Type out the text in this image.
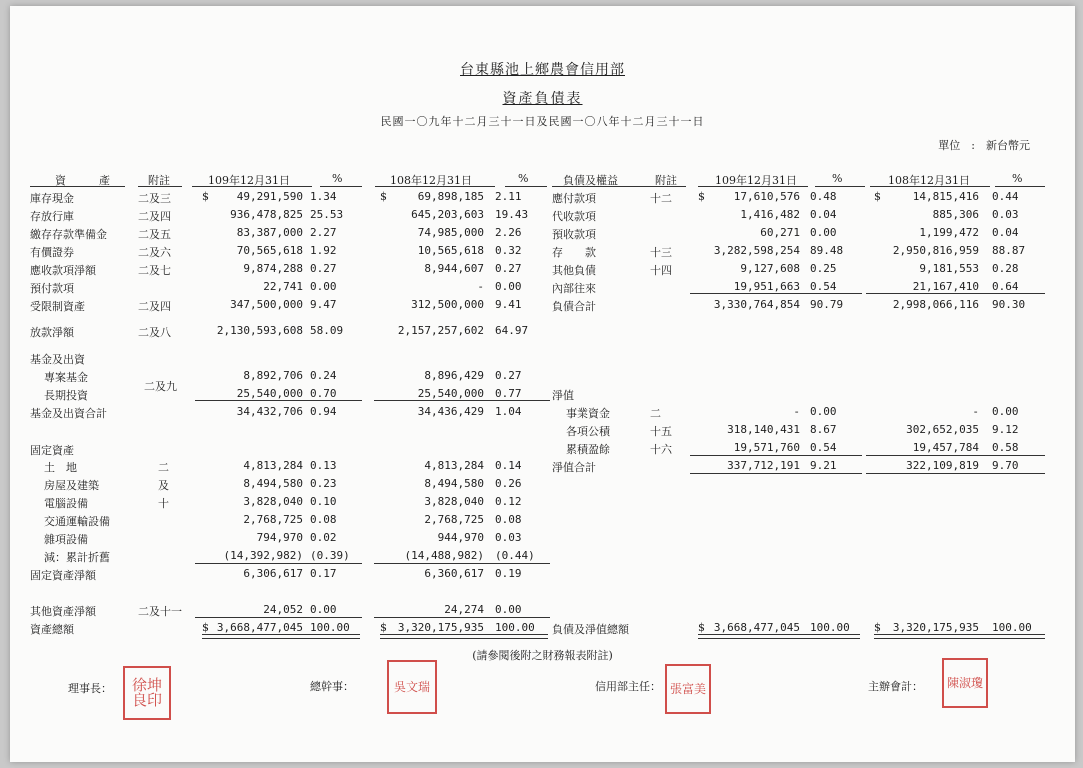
台東縣池上鄉農會信用部
資產負債表
民國一〇九年十二月三十一日及民國一〇八年十二月三十一日
單位　 :　 新台幣元
資　　　產	附註	109年12月31日	%	108年12月31日	%	負債及權益	附註	109年12月31日	%	108年12月31日	%
庫存現金	二及三	$	49,291,590 1.34	$	69,898,185 2.11
存放行庫	二及四	936,478,825 25.53	645,203,603 19.43
繳存存款準備金	二及五	83,387,000 2.27	74,985,000 2.26
有價證券	二及六	70,565,618 1.92	10,565,618 0.32
應收款項淨額	二及七	9,874,288 0.27	8,944,607 0.27
預付款項	22,741 0.00	- 0.00
受限制資產	二及四	347,500,000 9.47	312,500,000 9.41
放款淨額	二及八	2,130,593,608 58.09	2,157,257,602 64.97
基金及出資
二及九
專案基金	8,892,706 0.24	8,896,429 0.27
長期投資	25,540,000 0.70	25,540,000 0.77
基金及出資合計	34,432,706 0.94	34,436,429 1.04
固定資產
土　地	二	4,813,284 0.13	4,813,284 0.14
房屋及建築	及	8,494,580 0.23	8,494,580 0.26
電腦設備	十	3,828,040 0.10	3,828,040 0.12
交通運輸設備	2,768,725 0.08	2,768,725 0.08
雜項設備	794,970 0.02	944,970 0.03
減：累計折舊	(14,392,982) (0.39)	(14,488,982) (0.44)
固定資產淨額	6,306,617 0.17	6,360,617 0.19
其他資產淨額	二及十一	24,052 0.00	24,274 0.00
資產總額	$ 3,668,477,045 100.00	$ 3,320,175,935 100.00
應付款項	十二 $	17,610,576 0.48	$	14,815,416 0.44
代收款項	1,416,482 0.04	885,306 0.03
預收款項	60,271 0.00	1,199,472 0.04
存　　款	十三	3,282,598,254 89.48	2,950,816,959 88.87
其他負債	十四	9,127,608 0.25	9,181,553 0.28
內部往來	19,951,663 0.54	21,167,410 0.64
負債合計	3,330,764,854 90.79	2,998,066,116 90.30
淨值
事業資金	二	- 0.00	- 0.00
各項公積	十五	318,140,431 8.67	302,652,035 9.12
累積盈餘	十六	19,571,760 0.54	19,457,784 0.58
淨值合計	337,712,191 9.21	322,109,819 9.70
負債及淨值總額	$ 3,668,477,045 100.00	$	3,320,175,935 100.00
(請參閱後附之財務報表附註)
理事長：	總幹事：	信用部主任：	主辦會計：
徐坤良印
吳文瑞	張富美	陳淑瓊
